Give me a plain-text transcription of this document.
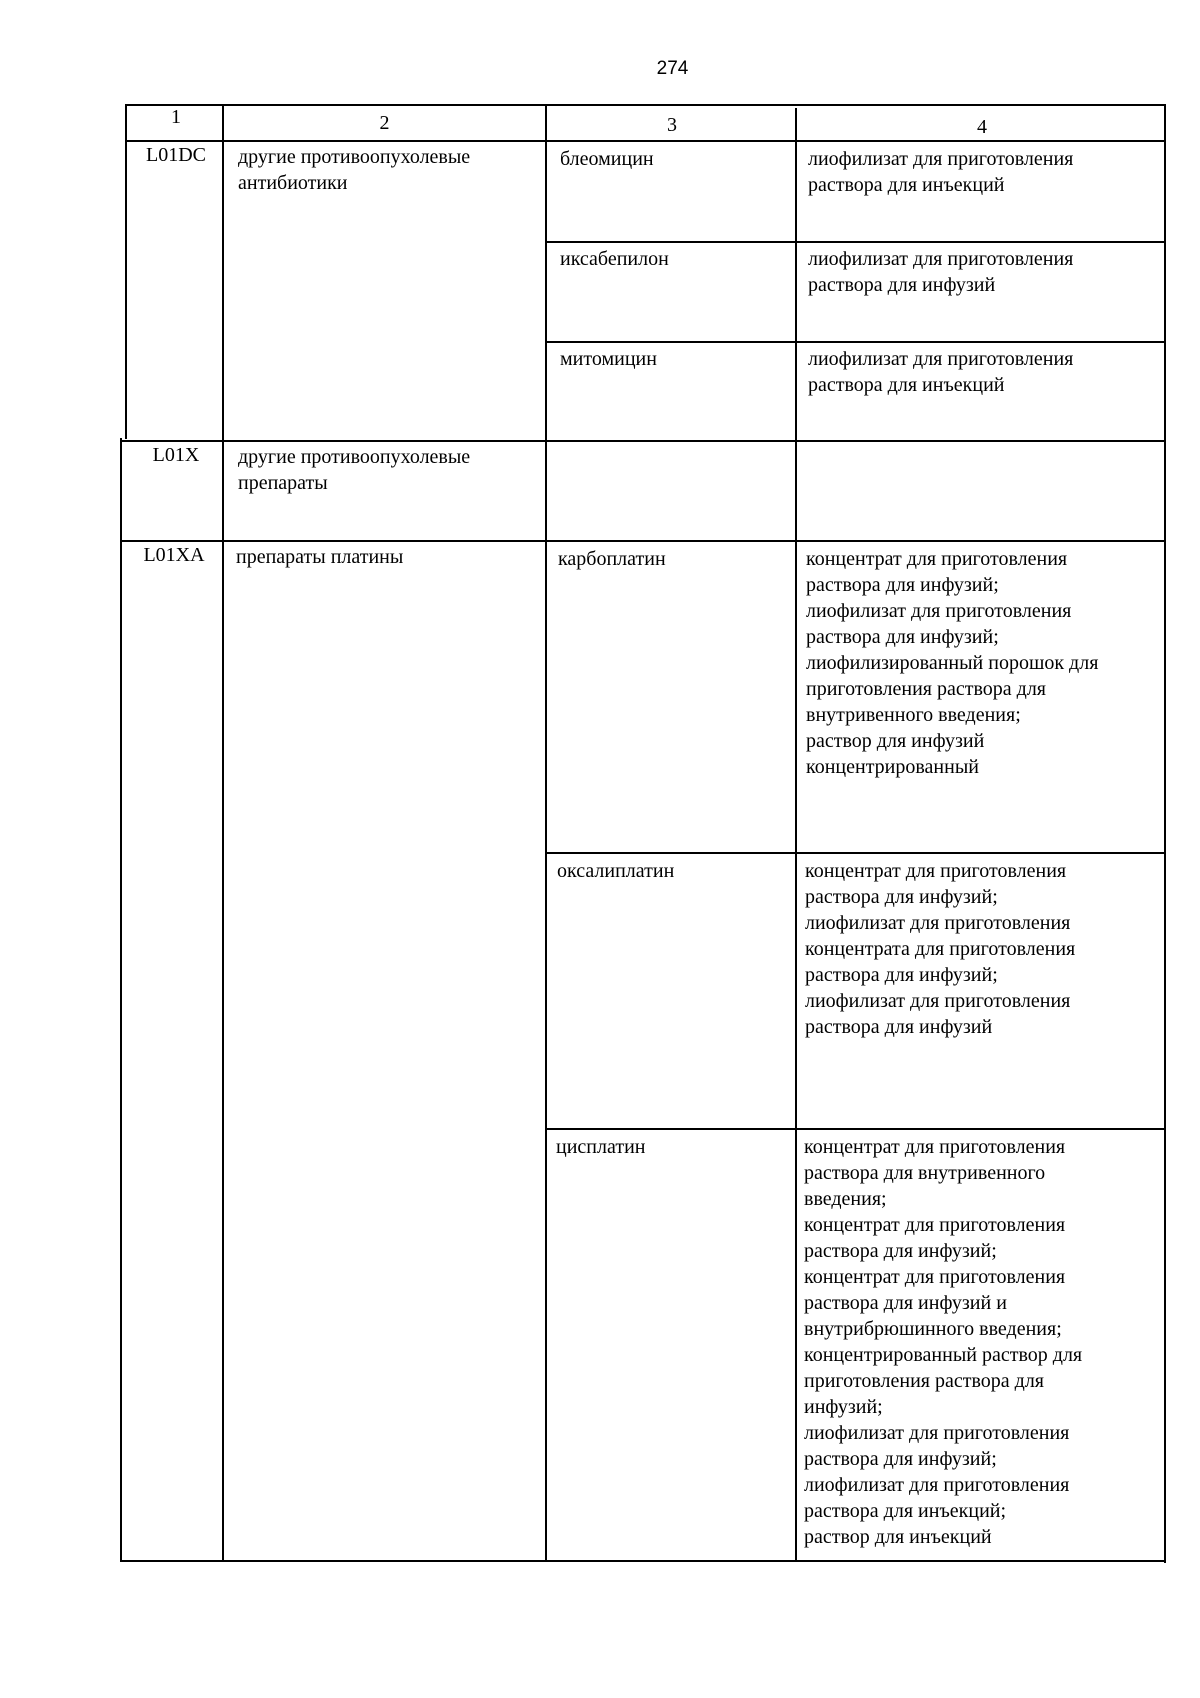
274
1	2	3	4
L01DC	другие противоопухолевые
антибиотики
блеомицин	лиофилизат для приготовления
раствора для инъекций
иксабепилон	лиофилизат для приготовления
раствора для инфузий
митомицин	лиофилизат для приготовления
раствора для инъекций
L01X	другие противоопухолевые
препараты
L01XA	препараты платины	карбоплатин	концентрат для приготовления
раствора для инфузий;
лиофилизат для приготовления
раствора для инфузий;
лиофилизированный порошок для
приготовления раствора для
внутривенного введения;
раствор для инфузий
концентрированный
оксалиплатин	концентрат для приготовления
раствора для инфузий;
лиофилизат для приготовления
концентрата для приготовления
раствора для инфузий;
лиофилизат для приготовления
раствора для инфузий
цисплатин	концентрат для приготовления
раствора для внутривенного
введения;
концентрат для приготовления
раствора для инфузий;
концентрат для приготовления
раствора для инфузий и
внутрибрюшинного введения;
концентрированный раствор для
приготовления раствора для
инфузий;
лиофилизат для приготовления
раствора для инфузий;
лиофилизат для приготовления
раствора для инъекций;
раствор для инъекций
